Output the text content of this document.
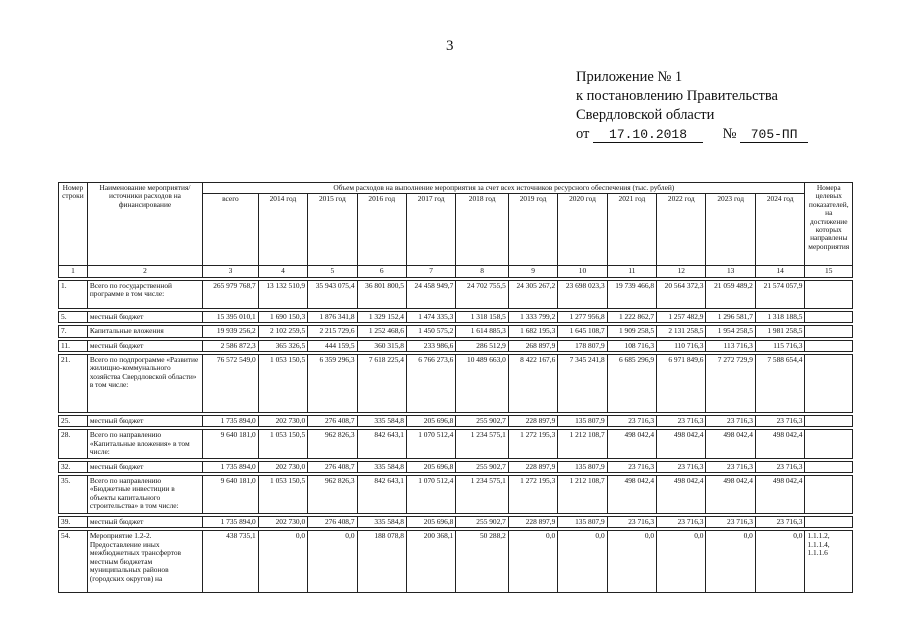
3
Приложение № 1
к постановлению Правительства
Свердловской области
от 17.10.2018 № 705-ПП
Номер строки	Наименование мероприятия/ источники расходов на финансирование	Объем расходов на выполнение мероприятия за счет всех источников ресурсного обеспечения (тыс. рублей)												Номера целевых показателей, на достижение которых направлены мероприятия
		всего	2014 год	2015 год	2016 год	2017 год	2018 год	2019 год	2020 год	2021 год	2022 год	2023 год	2024 год	
1	2	3	4	5	6	7	8	9	10	11	12	13	14	15

1.	Всего по государственной программе в том числе:	265 979 768,7	13 132 510,9	35 943 075,4	36 801 800,5	24 458 949,7	24 702 755,5	24 305 267,2	23 698 023,3	19 739 466,8	20 564 372,3	21 059 489,2	21 574 057,9	

5.	местный бюджет	15 395 010,1	1 690 150,3	1 876 341,8	1 329 152,4	1 474 335,3	1 318 158,5	1 333 799,2	1 277 956,8	1 222 862,7	1 257 482,9	1 296 581,7	1 318 188,5	

7.	Капитальные вложения	19 939 256,2	2 102 259,5	2 215 729,6	1 252 468,6	1 450 575,2	1 614 885,3	1 682 195,3	1 645 108,7	1 909 258,5	2 131 258,5	1 954 258,5	1 981 258,5	

11.	местный бюджет	2 586 872,3	365 326,5	444 159,5	360 315,8	233 986,6	286 512,9	268 897,9	178 807,9	108 716,3	110 716,3	113 716,3	115 716,3	

21.	Всего по подпрограмме «Развитие жилищно-коммунального хозяйства Свердловской области» в том числе:	76 572 549,0	1 053 150,5	6 359 296,3	7 618 225,4	6 766 273,6	10 489 663,0	8 422 167,6	7 345 241,8	6 685 296,9	6 971 849,6	7 272 729,9	7 588 654,4	

25.	местный бюджет	1 735 894,0	202 730,0	276 408,7	335 584,8	205 696,8	255 902,7	228 897,9	135 807,9	23 716,3	23 716,3	23 716,3	23 716,3	

28.	Всего по направлению «Капитальные вложения» в том числе:	9 640 181,0	1 053 150,5	962 826,3	842 643,1	1 070 512,4	1 234 575,1	1 272 195,3	1 212 108,7	498 042,4	498 042,4	498 042,4	498 042,4	

32.	местный бюджет	1 735 894,0	202 730,0	276 408,7	335 584,8	205 696,8	255 902,7	228 897,9	135 807,9	23 716,3	23 716,3	23 716,3	23 716,3	

35.	Всего по направлению «Бюджетные инвестиции в объекты капитального строительства» в том числе:	9 640 181,0	1 053 150,5	962 826,3	842 643,1	1 070 512,4	1 234 575,1	1 272 195,3	1 212 108,7	498 042,4	498 042,4	498 042,4	498 042,4	

39.	местный бюджет	1 735 894,0	202 730,0	276 408,7	335 584,8	205 696,8	255 902,7	228 897,9	135 807,9	23 716,3	23 716,3	23 716,3	23 716,3	

54.	Мероприятие 1.2-2. Предоставление иных межбюджетных трансфертов местным бюджетам муниципальных районов (городских округов) на	438 735,1	0,0	0,0	188 078,8	200 368,1	50 288,2	0,0	0,0	0,0	0,0	0,0	0,0	1.1.1.2, 1.1.1.4, 1.1.1.6
